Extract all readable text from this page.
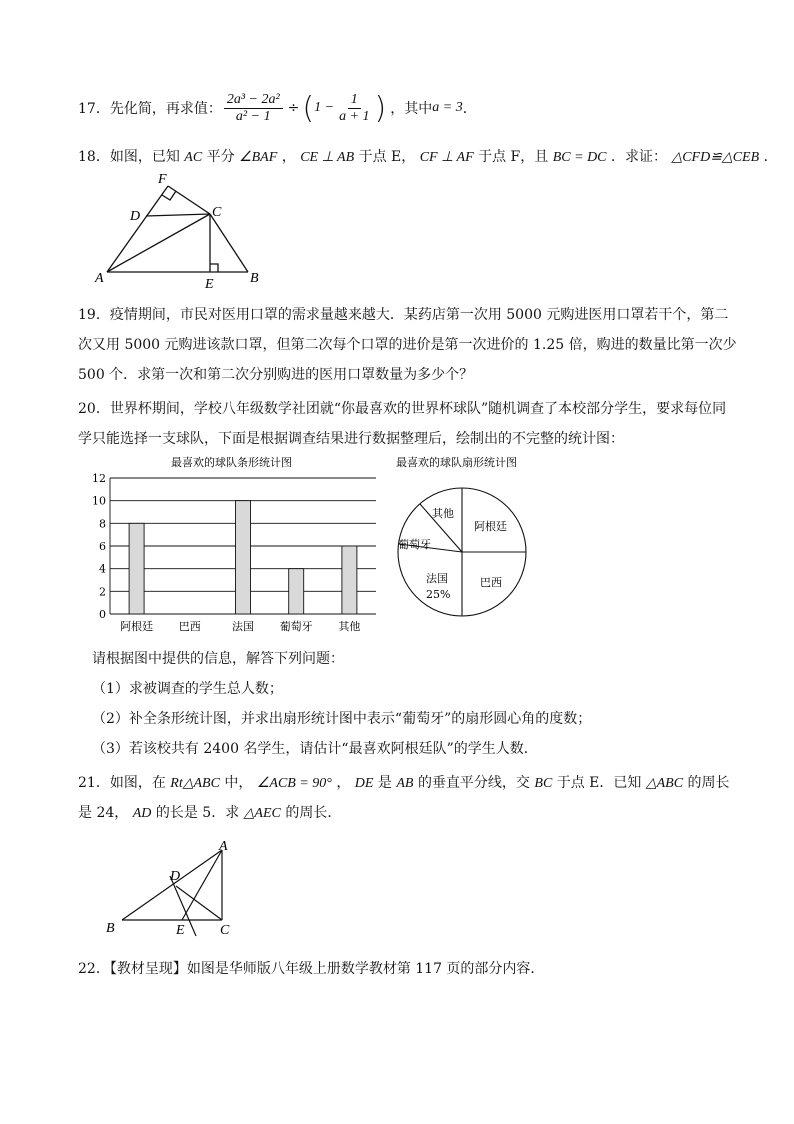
17． 先化简，再求值： $\frac{\text{2a³ − 2a²}}{\text{a² − 1}}$ ÷ ( $1 - \frac{1}{a + 1}$ ) ，其中 a = 3 ．
18．如图，已知 AC 平分 ∠BAF ， CE ⊥ AB 于点 E， CF ⊥ AF 于点 F，且 BC = DC ．求证： △CFD≌△CEB ．
F
D	C
A	E	B
19．疫情期间，市民对医用口罩的需求量越来越大．某药店第一次用 5000 元购进医用口罩若干个，第二
次又用 5000 元购进该款口罩，但第二次每个口罩的进价是第一次进价的 1.25 倍，购进的数量比第一次少
500 个．求第一次和第二次分别购进的医用口罩数量为多少个？
20．世界杯期间，学校八年级数学社团就“你最喜欢的世界杯球队”随机调查了本校部分学生，要求每位同
学只能选择一支球队，下面是根据调查结果进行数据整理后，绘制出的不完整的统计图：
最喜欢的球队条形统计图
0
2
4
6
8
10
12
阿根廷 巴西	法国 葡萄牙 其他
最喜欢的球队扇形统计图
其他
阿根廷
巴西
法国
25%
葡萄牙
请根据图中提供的信息，解答下列问题：
（1）求被调查的学生总人数；
（2）补全条形统计图，并求出扇形统计图中表示“葡萄牙”的扇形圆心角的度数；
（3）若该校共有 2400 名学生，请估计“最喜欢阿根廷队”的学生人数．
21．如图，在 Rt△ABC 中， ∠ACB = 90° ， DE 是 AB 的垂直平分线，交 BC 于点 E．已知 △ABC 的周长
是 24， AD 的长是 5．求 △AEC 的周长．
A
D
B	E	C
22．【教材呈现】如图是华师版八年级上册数学教材第 117 页的部分内容．
